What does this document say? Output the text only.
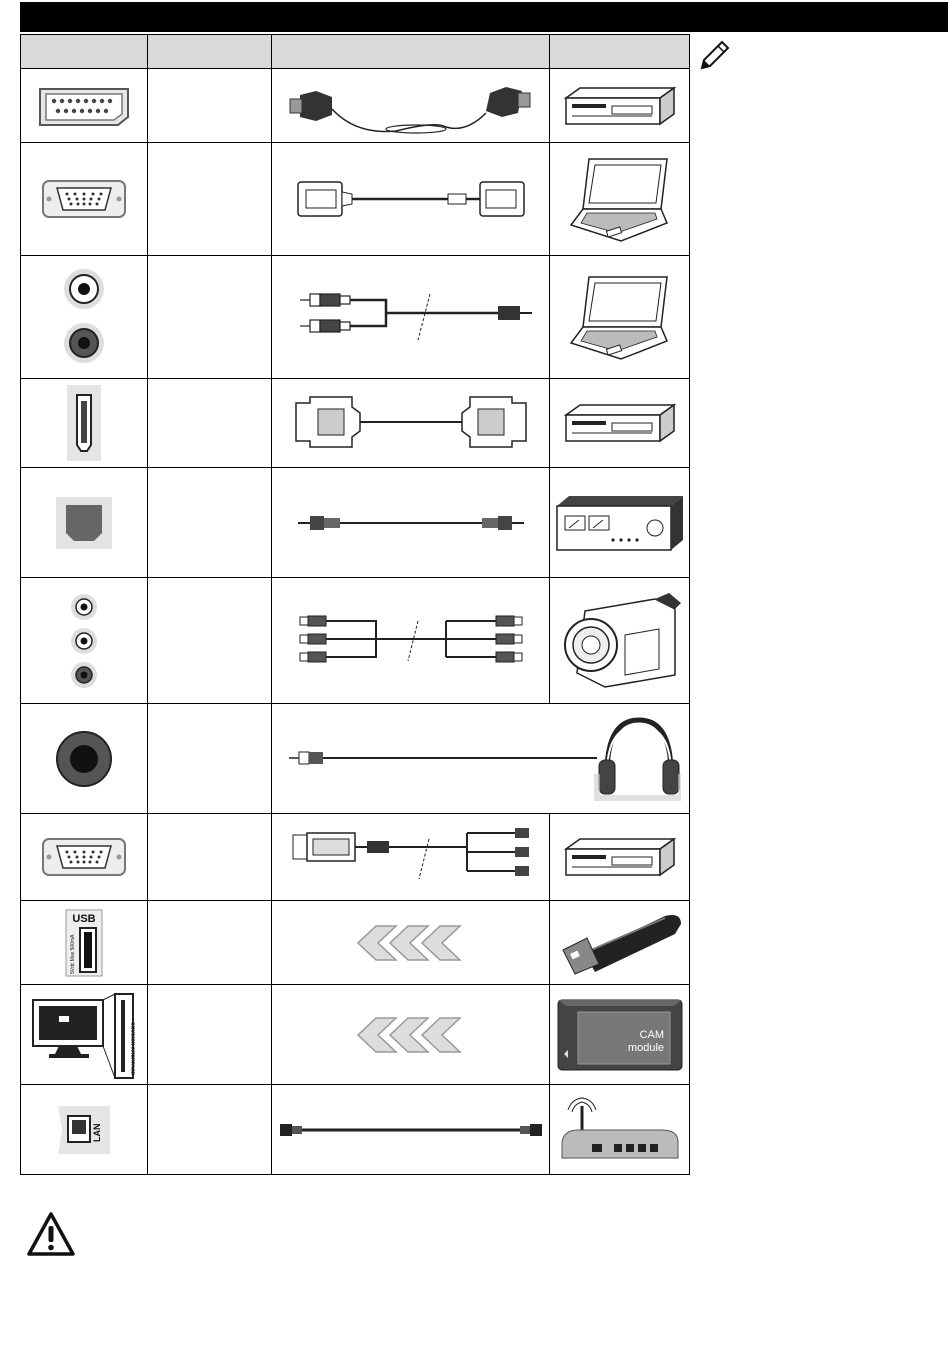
USB
5Vdc Max 500mA

COMMON INTERFACE			CAM
module

LAN
